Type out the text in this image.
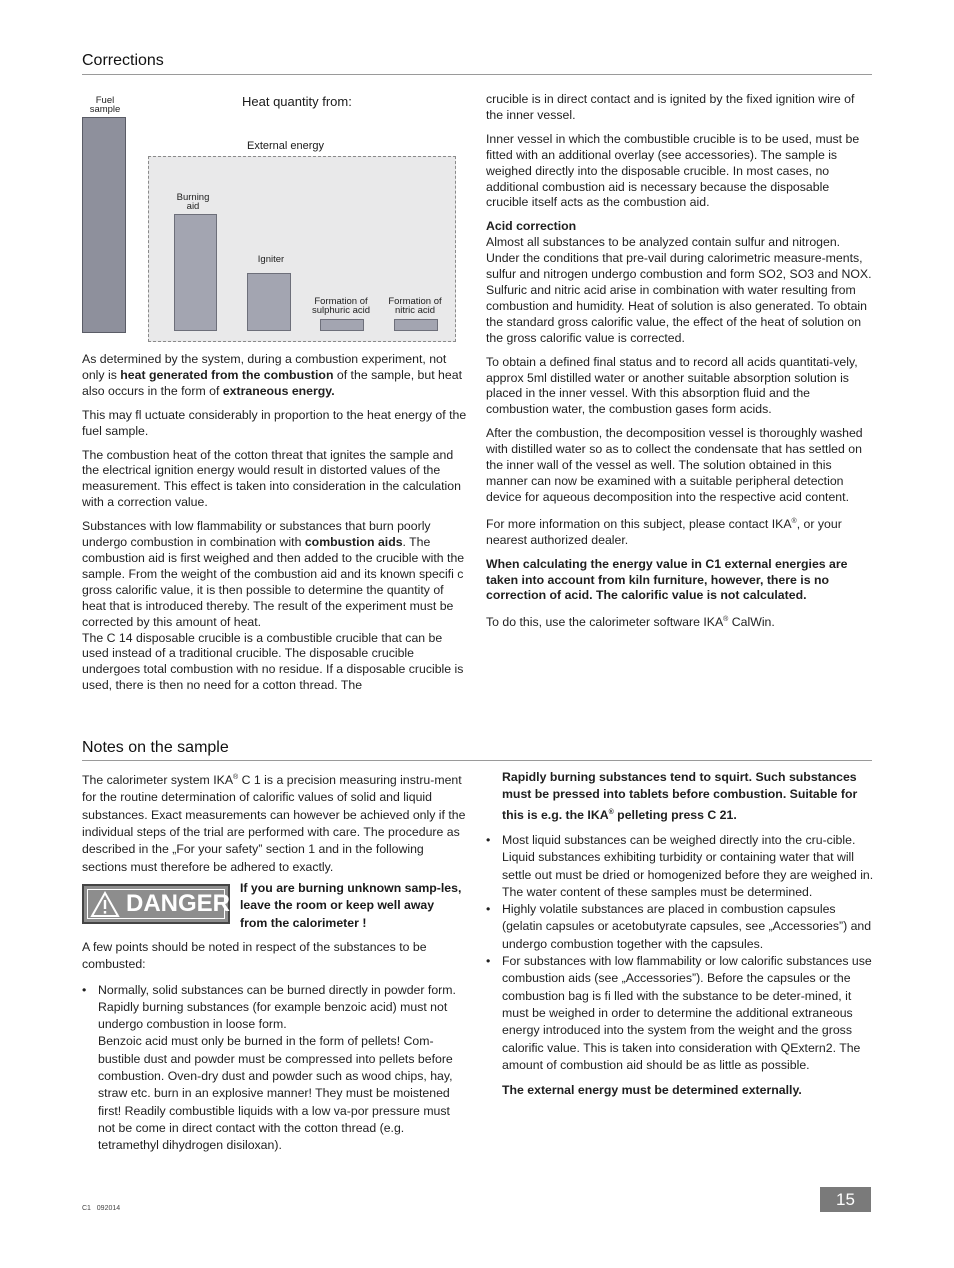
Corrections
Fuel
sample
Heat quantity from:
External energy
Burning
aid
Igniter
Formation of
sulphuric acid
Formation of
nitric acid

As determined by the system, during a combustion experiment, not only is heat generated from the combustion of the sample, but heat also occurs in the form of extraneous energy.

This may fl uctuate considerably in proportion to the heat energy of the fuel sample.

The combustion heat of the cotton threat that ignites the sample and the electrical ignition energy would result in distorted values of the measurement. This effect is taken into consideration in the calculation with a correction value.

Substances with low flammability or substances that burn poorly undergo combustion in combination with combustion aids. The combustion aid is first weighed and then added to the crucible with the sample. From the weight of the combustion aid and its known specifi c gross calorific value, it is then possible to determine the quantity of heat that is introduced thereby. The result of the experiment must be corrected by this amount of heat.

The C 14 disposable crucible is a combustible crucible that can be used instead of a traditional crucible. The disposable crucible undergoes total combustion with no residue. If a disposable crucible is used, there is then no need for a cotton thread. The

crucible is in direct contact and is ignited by the fixed ignition wire of the inner vessel.

Inner vessel in which the combustible crucible is to be used, must be fitted with an additional overlay (see accessories). The sample is weighed directly into the disposable crucible. In most cases, no additional combustion aid is necessary because the disposable crucible itself acts as the combustion aid.

Acid correction

Almost all substances to be analyzed contain sulfur and nitrogen. Under the conditions that pre-vail during calorimetric measure-ments, sulfur and nitrogen undergo combustion and form SO2, SO3 and NOX. Sulfuric and nitric acid arise in combination with water resulting from combustion and humidity. Heat of solution is also generated. To obtain the standard gross calorific value, the effect of the heat of solution on the gross calorific value is corrected.

To obtain a defined final status and to record all acids quantitati-vely, approx 5ml distilled water or another suitable absorption solution is placed in the inner vessel. With this absorption fluid and the combustion water, the combustion gases form acids.

After the combustion, the decomposition vessel is thoroughly washed with distilled water so as to collect the condensate that has settled on the inner wall of the vessel as well. The solution obtained in this manner can now be examined with a suitable peripheral detection device for aqueous decomposition into the respective acid content.

For more information on this subject, please contact IKA®, or your nearest authorized dealer.

When calculating the energy value in C1 external energies are taken into account from kiln furniture, however, there is no correction of acid. The calorific value is not calculated.

To do this, use the calorimeter software IKA® CalWin.

Notes on the sample

The calorimeter system IKA® C 1 is a precision measuring instru-ment for the routine determination of calorific values of solid and liquid substances. Exact measurements can however be achieved only if the individual steps of the trial are performed with care. The procedure as described in the „For your safety” section 1 and in the following sections must therefore be adhered to exactly.

DANGER
If you are burning unknown samp-les, leave the room or keep well away from the calorimeter !

A few points should be noted in respect of the substances to be combusted:

• Normally, solid substances can be burned directly in powder form. Rapidly burning substances (for example benzoic acid) must not undergo combustion in loose form.
Benzoic acid must only be burned in the form of pellets! Com-bustible dust and powder must be compressed into pellets before combustion. Oven-dry dust and powder such as wood chips, hay, straw etc. burn in an explosive manner! They must be moistened first! Readily combustible liquids with a low va-por pressure must not be come in direct contact with the cotton thread (e.g. tetramethyl dihydrogen disiloxan).

Rapidly burning substances tend to squirt. Such substances must be pressed into tablets before combustion. Suitable for this is e.g. the IKA® pelleting press C 21.

• Most liquid substances can be weighed directly into the cru-cible. Liquid substances exhibiting turbidity or containing water that will settle out must be dried or homogenized before they are weighed in. The water content of these samples must be determined.
• Highly volatile substances are placed in combustion capsules (gelatin capsules or acetobutyrate capsules, see „Accessories”) and undergo combustion together with the capsules.
• For substances with low flammability or low calorific substances use combustion aids (see „Accessories”). Before the capsules or the combustion bag is fi lled with the substance to be deter-mined, it must be weighed in order to determine the additional extraneous energy introduced into the system from the weight and the gross calorific value. This is taken into consideration with QExtern2. The amount of combustion aid should be as little as possible.

The external energy must be determined externally.

C1   092014	15
